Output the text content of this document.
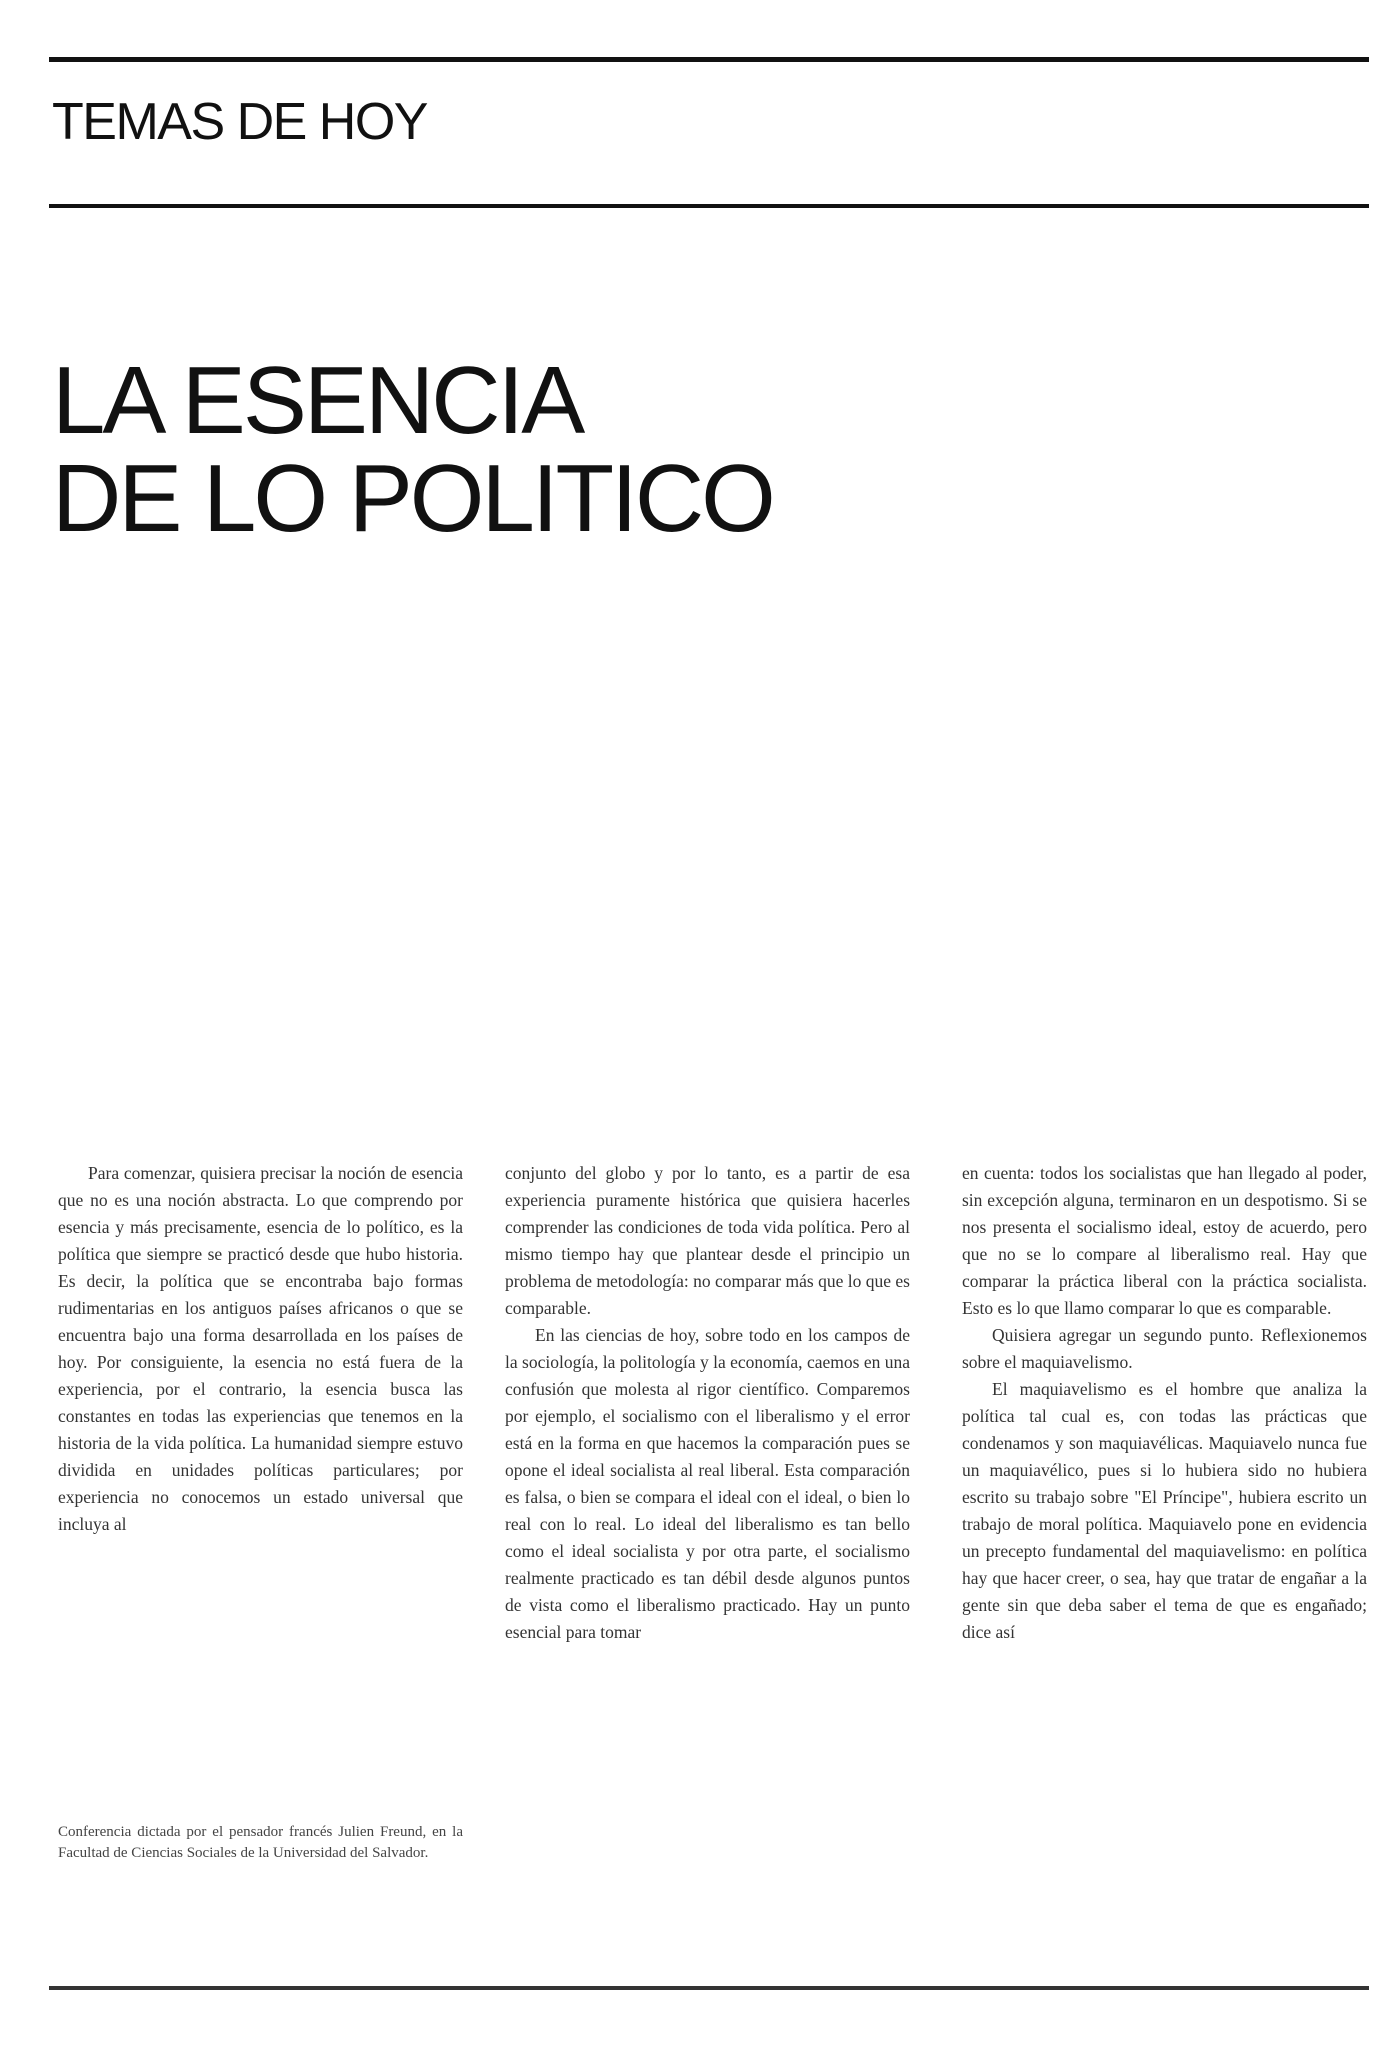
TEMAS DE HOY
LA ESENCIA
DE LO POLITICO

Para comenzar, quisiera precisar la noción de esencia que no es una noción abstracta. Lo que comprendo por esencia y más precisamente, esencia de lo político, es la política que siempre se practicó desde que hubo historia. Es decir, la política que se encontraba bajo formas rudimentarias en los antiguos países africanos o que se encuentra bajo una forma desarrollada en los países de hoy. Por consiguiente, la esencia no está fuera de la experiencia, por el contrario, la esencia busca las constantes en todas las experiencias que tenemos en la historia de la vida política. La humanidad siempre estuvo dividida en unidades políticas particulares; por experiencia no conocemos un estado universal que incluya al

conjunto del globo y por lo tanto, es a partir de esa experiencia puramente histórica que quisiera hacerles comprender las condiciones de toda vida política. Pero al mismo tiempo hay que plantear desde el principio un problema de metodología: no comparar más que lo que es comparable.

En las ciencias de hoy, sobre todo en los campos de la sociología, la politología y la economía, caemos en una confusión que molesta al rigor científico. Comparemos por ejemplo, el socialismo con el liberalismo y el error está en la forma en que hacemos la comparación pues se opone el ideal socialista al real liberal. Esta comparación es falsa, o bien se compara el ideal con el ideal, o bien lo real con lo real. Lo ideal del liberalismo es tan bello como el ideal socialista y por otra parte, el socialismo realmente practicado es tan débil desde algunos puntos de vista como el liberalismo practicado. Hay un punto esencial para tomar

en cuenta: todos los socialistas que han llegado al poder, sin excepción alguna, terminaron en un despotismo. Si se nos presenta el socialismo ideal, estoy de acuerdo, pero que no se lo compare al liberalismo real. Hay que comparar la práctica liberal con la práctica socialista. Esto es lo que llamo comparar lo que es comparable.

Quisiera agregar un segundo punto. Reflexionemos sobre el maquiavelismo.

El maquiavelismo es el hombre que analiza la política tal cual es, con todas las prácticas que condenamos y son maquiavélicas. Maquiavelo nunca fue un maquiavélico, pues si lo hubiera sido no hubiera escrito su trabajo sobre "El Príncipe", hubiera escrito un trabajo de moral política. Maquiavelo pone en evidencia un precepto fundamental del maquiavelismo: en política hay que hacer creer, o sea, hay que tratar de engañar a la gente sin que deba saber el tema de que es engañado; dice así

Conferencia dictada por el pensador francés Julien Freund, en la Facultad de Ciencias Sociales de la Universidad del Salvador.
